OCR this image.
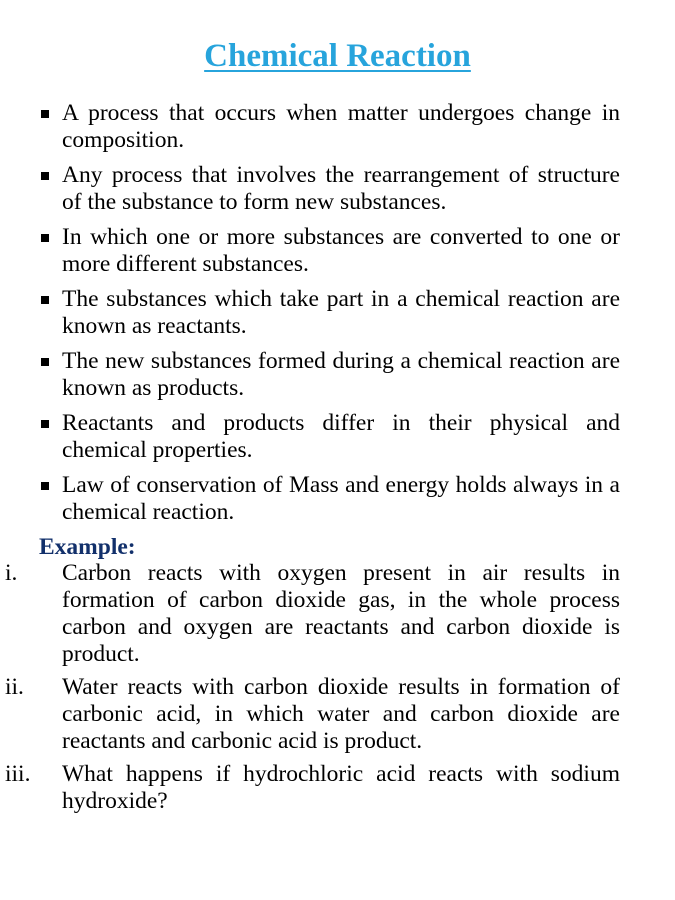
Chemical Reaction
A process that occurs when matter undergoes change in composition.
Any process that involves the rearrangement of structure of the substance to form new substances.
In which one or more substances are converted to one or more different substances.
The substances which take part in a chemical reaction are known as reactants.
The new substances formed during a chemical reaction are known as products.
Reactants and products differ in their physical and chemical properties.
Law of conservation of Mass and energy holds always in a chemical reaction.
Example:
i. Carbon reacts with oxygen present in air results in formation of carbon dioxide gas, in the whole process carbon and oxygen are reactants and carbon dioxide is product.
ii. Water reacts with carbon dioxide results in formation of carbonic acid, in which water and carbon dioxide are reactants and carbonic acid is product.
iii. What happens if hydrochloric acid reacts with sodium hydroxide?
